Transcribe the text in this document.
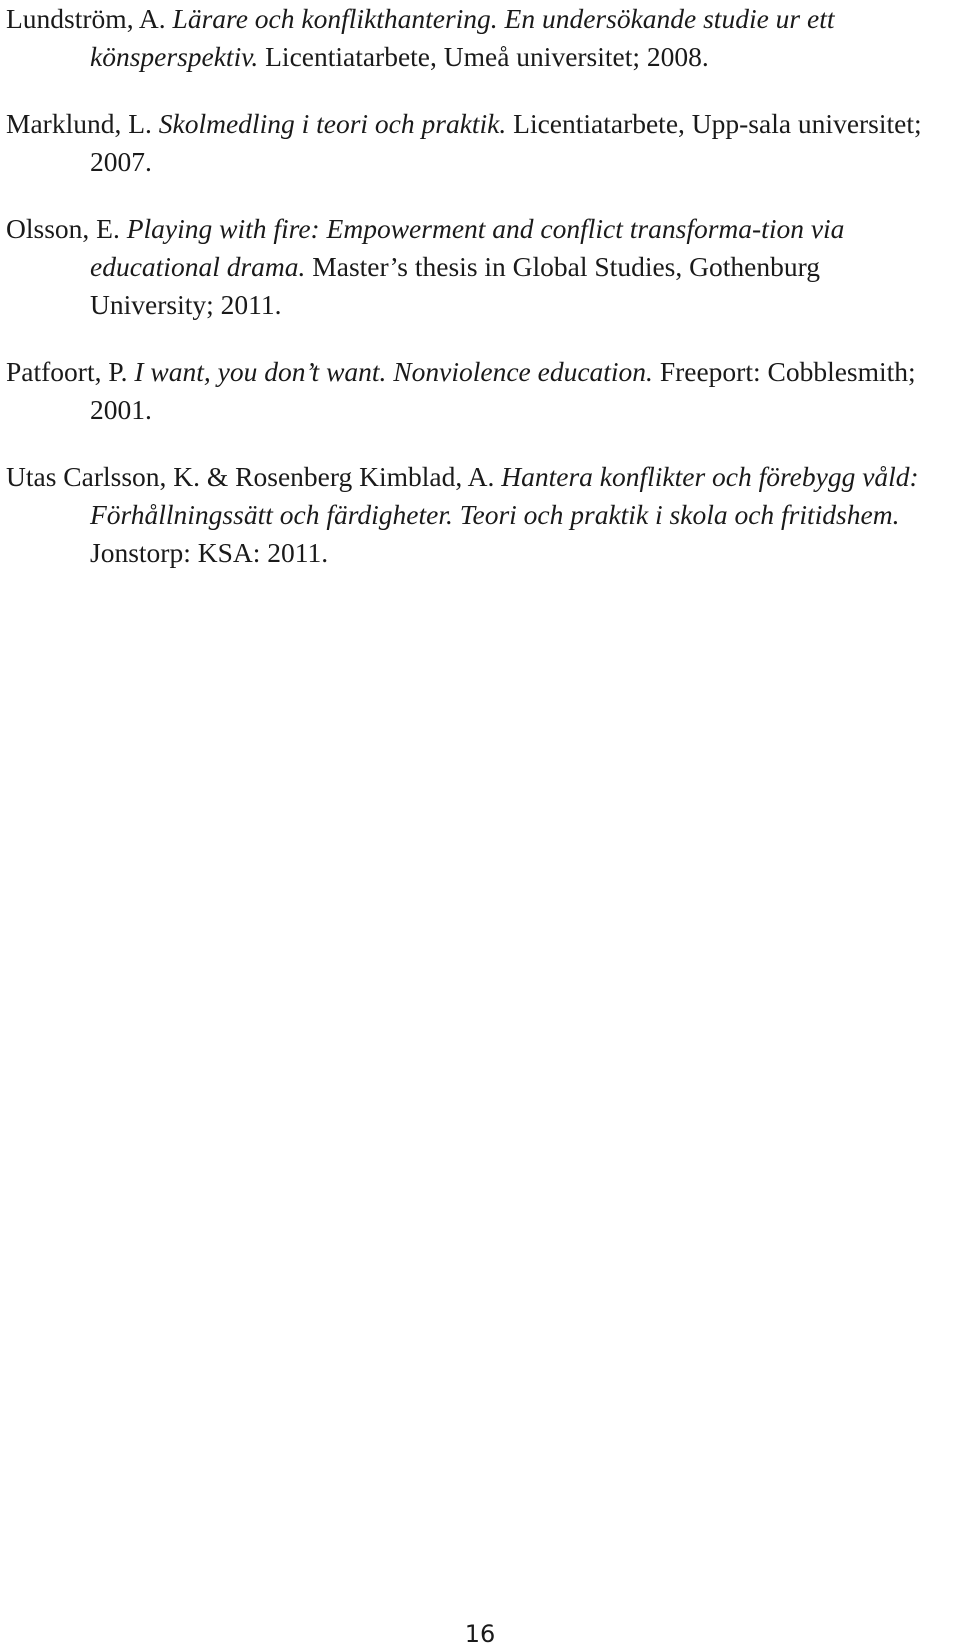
Lundström, A. Lärare och konflikthantering. En undersökande studie ur ett könsperspektiv. Licentiatarbete, Umeå universitet; 2008.

Marklund, L. Skolmedling i teori och praktik. Licentiatarbete, Upp-sala universitet; 2007.

Olsson, E. Playing with fire: Empowerment and conflict transforma-tion via educational drama. Master’s thesis in Global Studies, Gothenburg University; 2011.

Patfoort, P. I want, you don’t want. Nonviolence education. Freeport: Cobblesmith; 2001.

Utas Carlsson, K. & Rosenberg Kimblad, A. Hantera konflikter och förebygg våld: Förhållningssätt och färdigheter. Teori och praktik i skola och fritidshem. Jonstorp: KSA: 2011.

16
